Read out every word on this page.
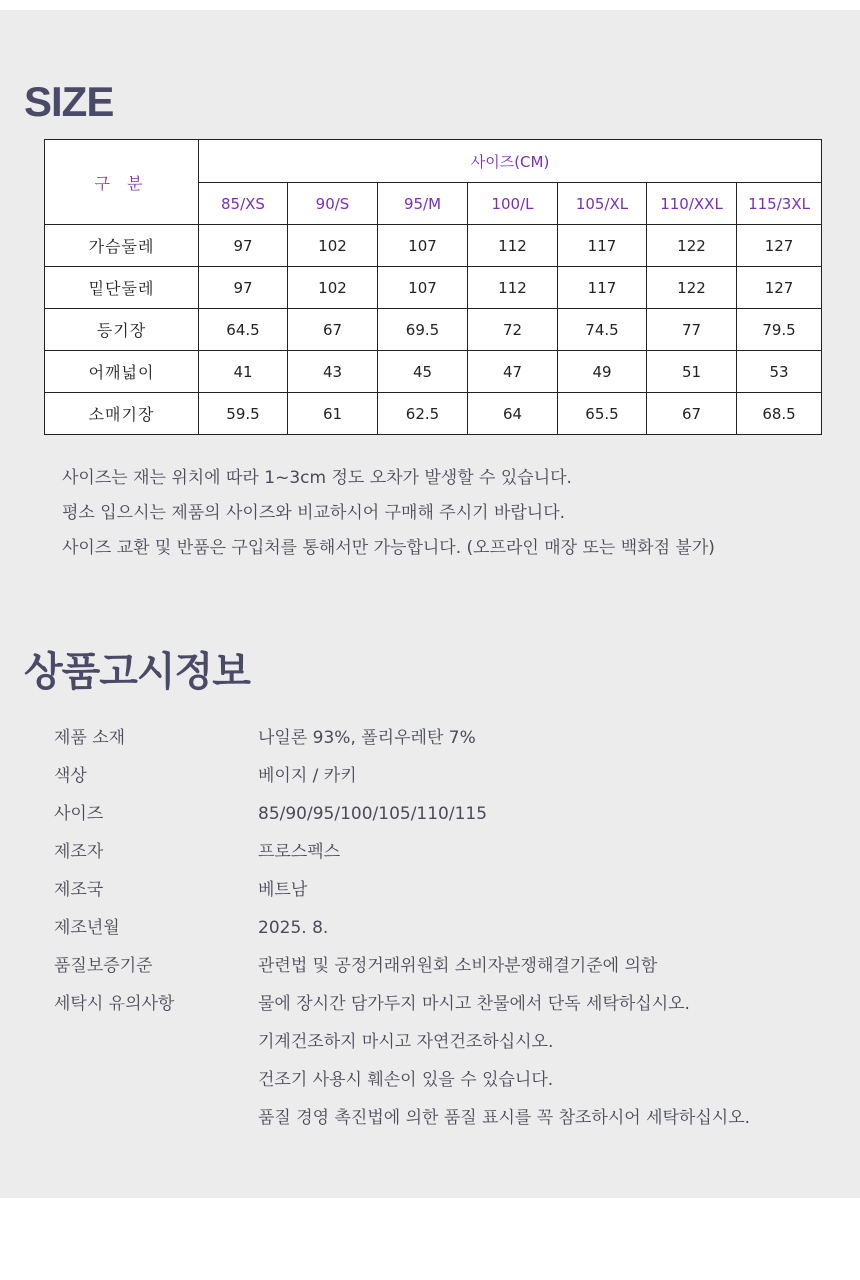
SIZE
구 분	사이즈(CM)						
	85/XS	90/S	95/M	100/L	105/XL	110/XXL	115/3XL
가슴둘레	97	102	107	112	117	122	127
밑단둘레	97	102	107	112	117	122	127
등기장	64.5	67	69.5	72	74.5	77	79.5
어깨넓이	41	43	45	47	49	51	53
소매기장	59.5	61	62.5	64	65.5	67	68.5
사이즈는 재는 위치에 따라 1~3cm 정도 오차가 발생할 수 있습니다.
평소 입으시는 제품의 사이즈와 비교하시어 구매해 주시기 바랍니다.
사이즈 교환 및 반품은 구입처를 통해서만 가능합니다. (오프라인 매장 또는 백화점 불가)
상품고시정보
제품 소재	나일론 93%, 폴리우레탄 7%
색상	베이지 / 카키
사이즈	85/90/95/100/105/110/115
제조자	프로스펙스
제조국	베트남
제조년월	2025. 8.
품질보증기준	관련법 및 공정거래위원회 소비자분쟁해결기준에 의함
세탁시 유의사항	물에 장시간 담가두지 마시고 찬물에서 단독 세탁하십시오.
기계건조하지 마시고 자연건조하십시오.
건조기 사용시 훼손이 있을 수 있습니다.
품질 경영 촉진법에 의한 품질 표시를 꼭 참조하시어 세탁하십시오.
